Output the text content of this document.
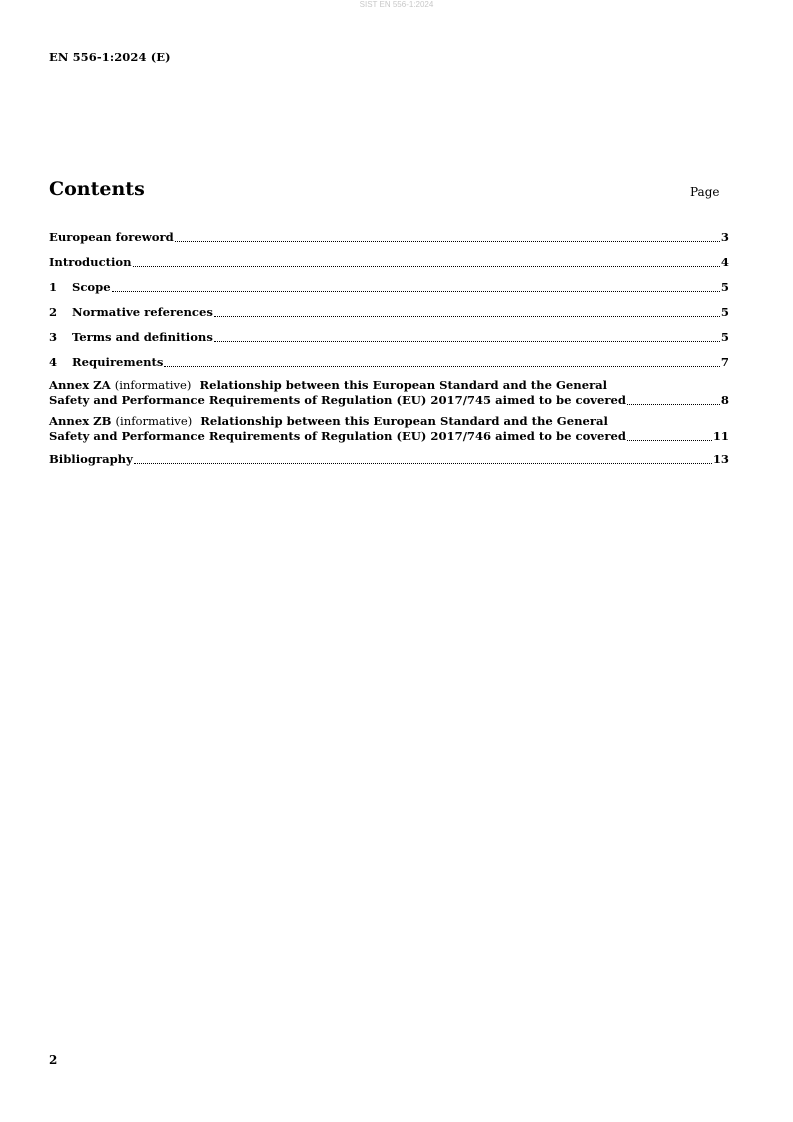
SIST EN 556-1:2024
EN 556-1:2024 (E)
Contents	Page
European foreword	3
Introduction	4
1	Scope	5
2	Normative references	5
3	Terms and definitions	5
4	Requirements	7
Annex ZA (informative) Relationship between this European Standard and the General
Safety and Performance Requirements of Regulation (EU) 2017/745 aimed to be covered	8
Annex ZB (informative) Relationship between this European Standard and the General
Safety and Performance Requirements of Regulation (EU) 2017/746 aimed to be covered	11
Bibliography	13
2
